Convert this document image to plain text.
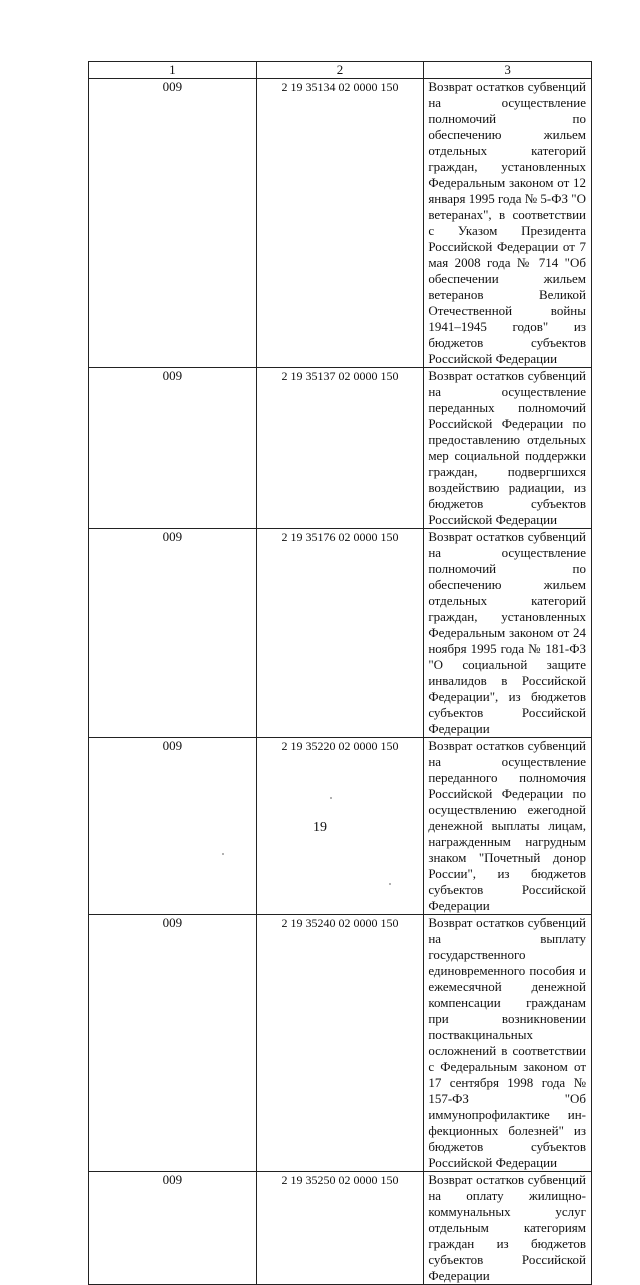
1	2	3
009	2 19 35134 02 0000 150	Возврат остатков субвенций на осуществление полномочий по обеспечению жильем отдельных категорий граждан, установленных Федеральным законом от 12 января 1995 года № 5-ФЗ "О ветеранах", в соответствии с Указом Президента Российской Федерации от 7 мая 2008 года № 714 "Об обеспечении жильем ветеранов Великой Отечественной войны 1941–1945 годов" из бюджетов субъектов Российской Федерации

009	2 19 35137 02 0000 150	Возврат остатков субвенций на осуществление переданных полномочий Российской Федерации по предоставлению отдельных мер социальной поддержки граждан, подвергшихся воздействию радиации, из бюджетов субъектов Российской Федерации

009	2 19 35176 02 0000 150	Возврат остатков субвенций на осуществление полномочий по обеспечению жильем отдельных категорий граждан, установленных Федеральным законом от 24 ноября 1995 года № 181-ФЗ "О социальной защите инвалидов в Российской Федерации", из бюджетов субъектов Российской Федерации

009	2 19 35220 02 0000 150	Возврат остатков субвенций на осуществление переданного полномочия Российской Федерации по осуществлению ежегодной денежной выплаты лицам, награжденным нагрудным знаком "Почетный донор России", из бюджетов субъектов Российской Федерации

009	2 19 35240 02 0000 150	Возврат остатков субвенций на выплату государственного единовременного пособия и ежемесячной денежной компенсации гражданам при возникновении поствакцинальных осложнений в соответствии с Федеральным законом от 17 сентября 1998 года № 157-ФЗ "Об иммунопрофилактике инфекционных болезней" из бюджетов субъектов Российской Федерации

009	2 19 35250 02 0000 150	Возврат остатков субвенций на оплату жилищно-коммунальных услуг отдельным категориям граждан из бюджетов субъектов Российской Федерации
19
